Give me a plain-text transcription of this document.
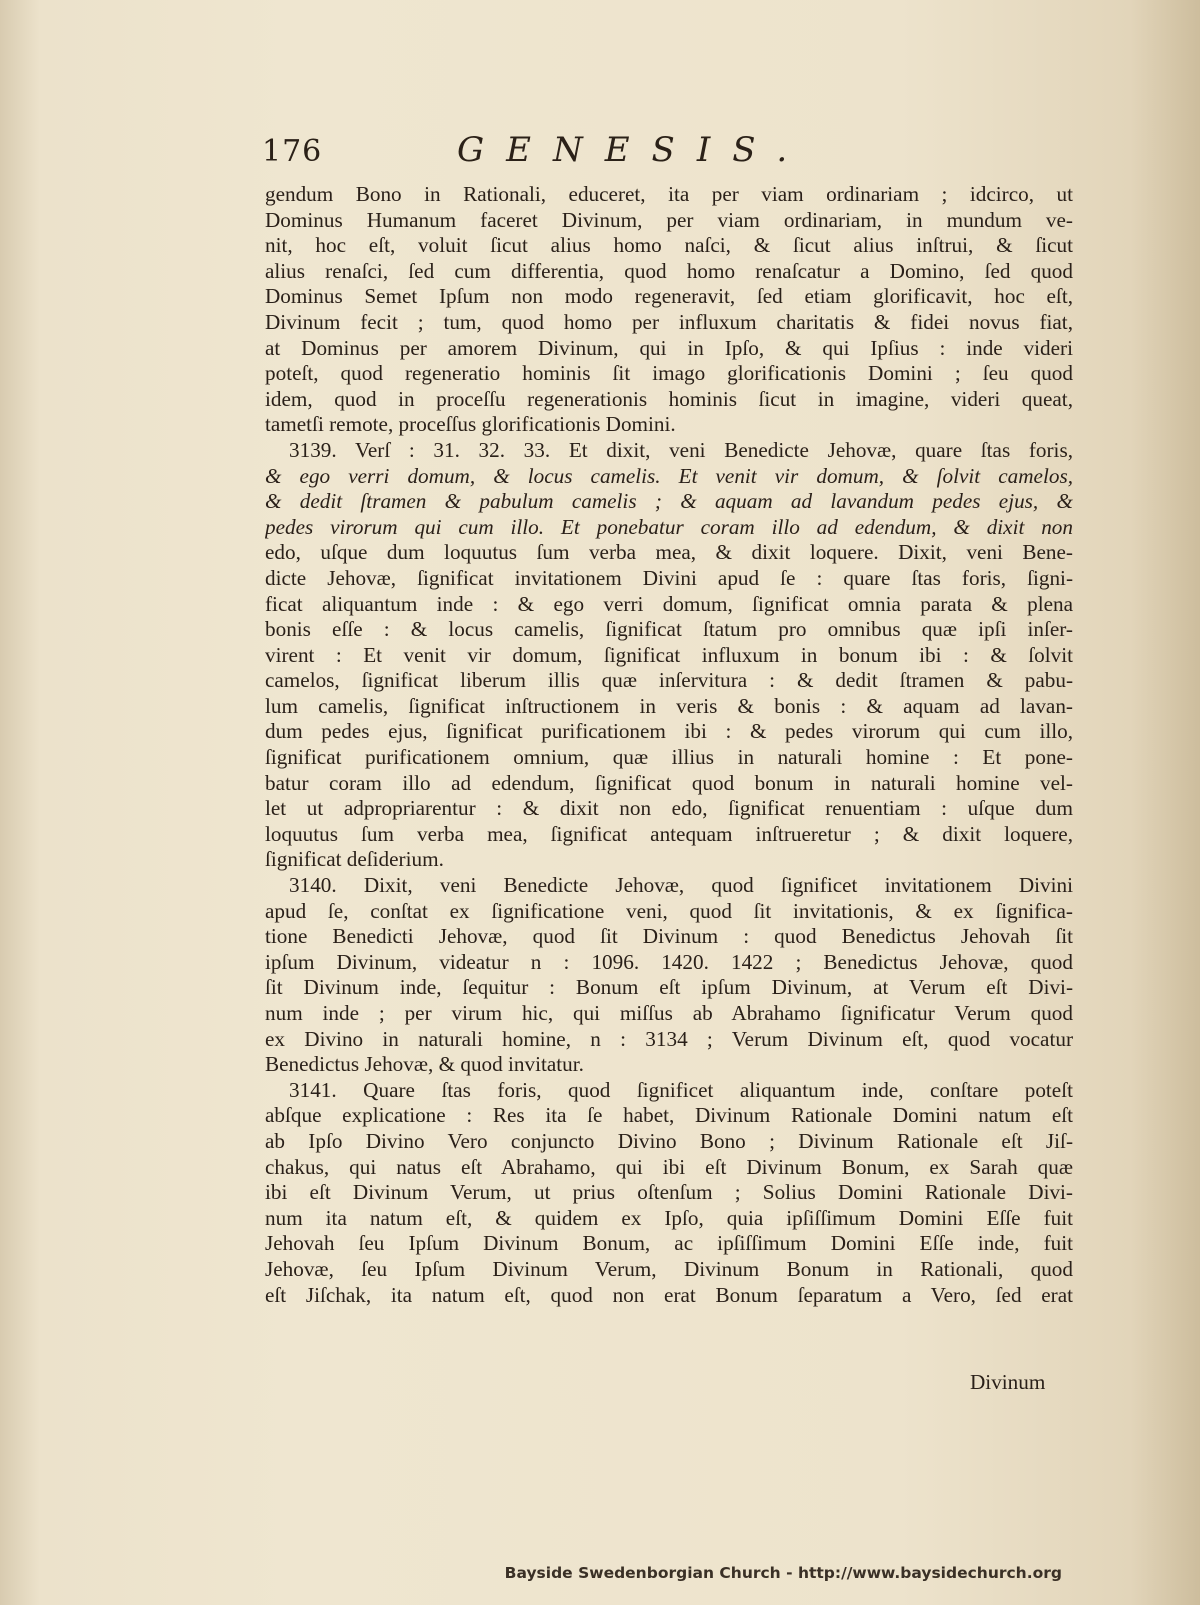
176	GENESIS.

gendum Bono in Rationali, educeret, ita per viam ordinariam ; idcirco, ut
Dominus Humanum faceret Divinum, per viam ordinariam, in mundum ve-
nit, hoc eſt, voluit ſicut alius homo naſci, & ſicut alius inſtrui, & ſicut
alius renaſci, ſed cum differentia, quod homo renaſcatur a Domino, ſed quod
Dominus Semet Ipſum non modo regeneravit, ſed etiam glorificavit, hoc eſt,
Divinum fecit ; tum, quod homo per influxum charitatis & fidei novus fiat,
at Dominus per amorem Divinum, qui in Ipſo, & qui Ipſius : inde videri
poteſt, quod regeneratio hominis ſit imago glorificationis Domini ; ſeu quod
idem, quod in proceſſu regenerationis hominis ſicut in imagine, videri queat,
tametſi remote, proceſſus glorificationis Domini.

3139. Verſ : 31. 32. 33. Et dixit, veni Benedicte Jehovæ, quare ſtas foris,
& ego verri domum, & locus camelis. Et venit vir domum, & ſolvit camelos,
& dedit ſtramen & pabulum camelis ; & aquam ad lavandum pedes ejus, &
pedes virorum qui cum illo. Et ponebatur coram illo ad edendum, & dixit non
edo, uſque dum loquutus ſum verba mea, & dixit loquere. Dixit, veni Bene-
dicte Jehovæ, ſignificat invitationem Divini apud ſe : quare ſtas foris, ſigni-
ficat aliquantum inde : & ego verri domum, ſignificat omnia parata & plena
bonis eſſe : & locus camelis, ſignificat ſtatum pro omnibus quæ ipſi inſer-
virent : Et venit vir domum, ſignificat influxum in bonum ibi : & ſolvit
camelos, ſignificat liberum illis quæ inſervitura : & dedit ſtramen & pabu-
lum camelis, ſignificat inſtructionem in veris & bonis : & aquam ad lavan-
dum pedes ejus, ſignificat purificationem ibi : & pedes virorum qui cum illo,
ſignificat purificationem omnium, quæ illius in naturali homine : Et pone-
batur coram illo ad edendum, ſignificat quod bonum in naturali homine vel-
let ut adpropriarentur : & dixit non edo, ſignificat renuentiam : uſque dum
loquutus ſum verba mea, ſignificat antequam inſtrueretur ; & dixit loquere,
ſignificat deſiderium.

3140. Dixit, veni Benedicte Jehovæ, quod ſignificet invitationem Divini
apud ſe, conſtat ex ſignificatione veni, quod ſit invitationis, & ex ſignifica-
tione Benedicti Jehovæ, quod ſit Divinum : quod Benedictus Jehovah ſit
ipſum Divinum, videatur n : 1096. 1420. 1422 ; Benedictus Jehovæ, quod
ſit Divinum inde, ſequitur : Bonum eſt ipſum Divinum, at Verum eſt Divi-
num inde ; per virum hic, qui miſſus ab Abrahamo ſignificatur Verum quod
ex Divino in naturali homine, n : 3134 ; Verum Divinum eſt, quod vocatur
Benedictus Jehovæ, & quod invitatur.

3141. Quare ſtas foris, quod ſignificet aliquantum inde, conſtare poteſt
abſque explicatione : Res ita ſe habet, Divinum Rationale Domini natum eſt
ab Ipſo Divino Vero conjuncto Divino Bono ; Divinum Rationale eſt Jiſ-
chakus, qui natus eſt Abrahamo, qui ibi eſt Divinum Bonum, ex Sarah quæ
ibi eſt Divinum Verum, ut prius oſtenſum ; Solius Domini Rationale Divi-
num ita natum eſt, & quidem ex Ipſo, quia ipſiſſimum Domini Eſſe fuit
Jehovah ſeu Ipſum Divinum Bonum, ac ipſiſſimum Domini Eſſe inde, fuit
Jehovæ, ſeu Ipſum Divinum Verum, Divinum Bonum in Rationali, quod
eſt Jiſchak, ita natum eſt, quod non erat Bonum ſeparatum a Vero, ſed erat

Divinum
Bayside Swedenborgian Church - http://www.baysidechurch.org
